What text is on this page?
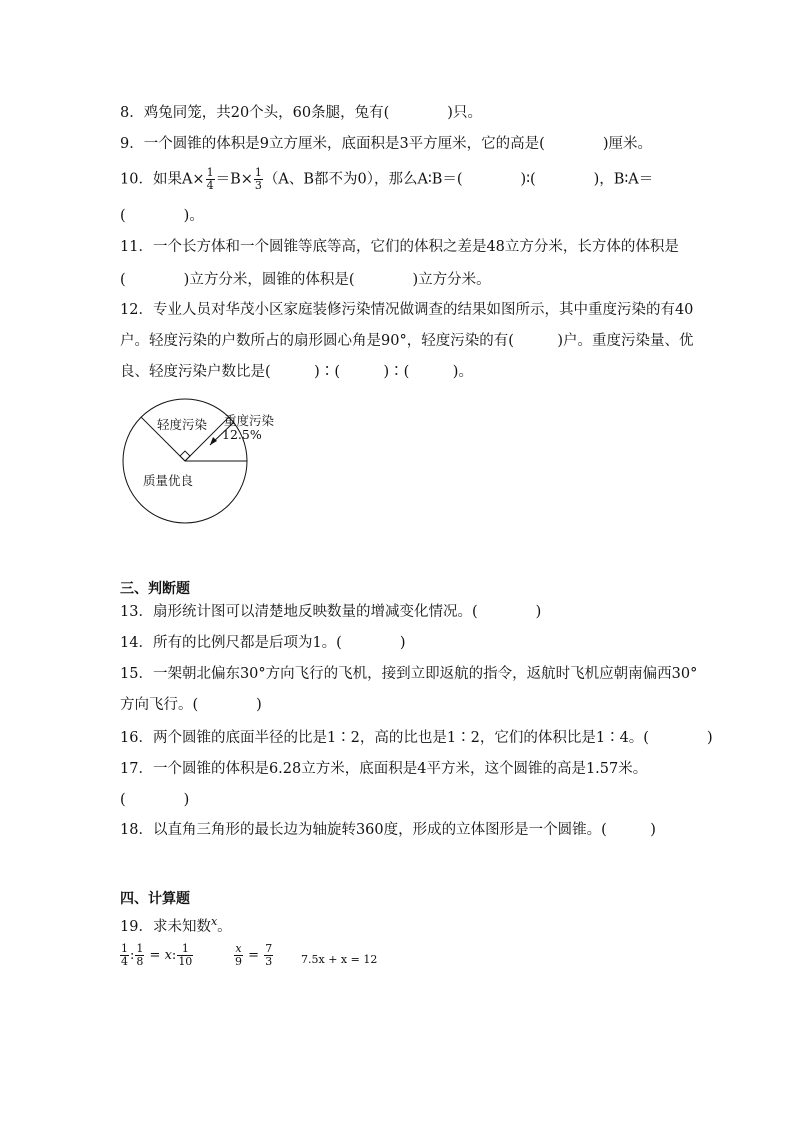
8．鸡兔同笼，共20个头，60条腿，兔有(　　　　)只。
9．一个圆锥的体积是9立方厘米，底面积是3平方厘米，它的高是(　　　　)厘米。
10．如果$A\times \frac{1}{4} =B\times \frac{1}{3} (A$、B都不为0），那么A∶B＝(　　　　)∶(　　　　)，B∶A＝
(　　　　)。
11．一个长方体和一个圆锥等底等高，它们的体积之差是48立方分米，长方体的体积是
(　　　　)立方分米，圆锥的体积是(　　　　)立方分米。
12．专业人员对华茂小区家庭装修污染情况做调查的结果如图所示，其中重度污染的有40
户。轻度污染的户数所占的扇形圆心角是90°，轻度污染的有(　　　)户。重度污染量、优
良、轻度污染户数比是(　　　)∶(　　　)∶(　　　)。
轻度污染
质量优良
重度污染
12.5%
三、判断题
13．扇形统计图可以清楚地反映数量的增减变化情况。(　　　　)
14．所有的比例尺都是后项为1。(　　　　)
15．一架朝北偏东30°方向飞行的飞机，接到立即返航的指令，返航时飞机应朝南偏西30°
方向飞行。(　　　　)
16．两个圆锥的底面半径的比是1∶2，高的比也是1∶2，它们的体积比是1∶4。(　　　　)
17．一个圆锥的体积是6.28立方米，底面积是4平方米，这个圆锥的高是1.57米。
(　　　　)
18．以直角三角形的最长边为轴旋转360度，形成的立体图形是一个圆锥。(　　　)
四、计算题
19．求未知数$^x$。
$\frac{1}{4}$ : $\frac{1}{8} = x$: $\frac{1}{10}$	$\frac{x}{9} = \frac{7}{3}$	7.5x + x = 12
